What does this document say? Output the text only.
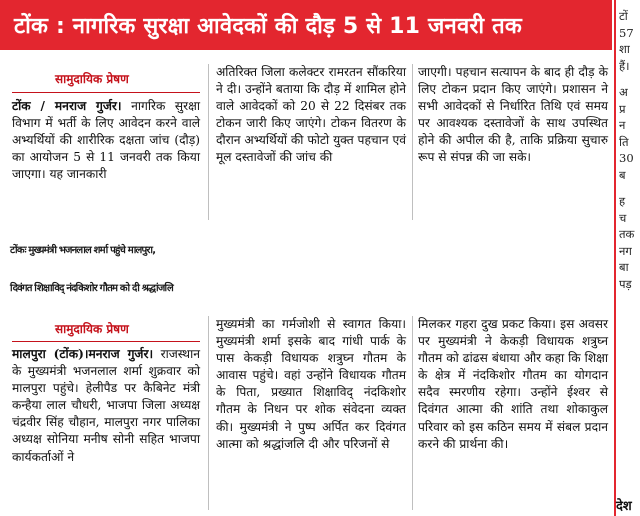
टोंक : नागरिक सुरक्षा आवेदकों की दौड़ 5 से 11 जनवरी तक
सामुदायिक प्रेषण

टोंक / मनराज गुर्जर। नागरिक सुरक्षा विभाग में भर्ती के लिए आवेदन करने वाले अभ्यर्थियों की शारीरिक दक्षता जांच (दौड़) का आयोजन 5 से 11 जनवरी तक किया जाएगा। यह जानकारी

अतिरिक्त जिला कलेक्टर रामरतन सौंकरिया ने दी। उन्होंने बताया कि दौड़ में शामिल होने वाले आवेदकों को 20 से 22 दिसंबर तक टोकन जारी किए जाएंगे। टोकन वितरण के दौरान अभ्यर्थियों की फोटो युक्त पहचान एवं मूल दस्तावेजों की जांच की

जाएगी। पहचान सत्यापन के बाद ही दौड़ के लिए टोकन प्रदान किए जाएंगे। प्रशासन ने सभी आवेदकों से निर्धारित तिथि एवं समय पर आवश्यक दस्तावेजों के साथ उपस्थित होने की अपील की है, ताकि प्रक्रिया सुचारु रूप से संपन्न की जा सके।

टोंकः मुख्यमंत्री भजनलाल शर्मा पहुंचे मालपुरा,
दिवंगत शिक्षाविद् नंदकिशोर गौतम को दी श्रद्धांजलि
सामुदायिक प्रेषण

मालपुरा (टोंक)।मनराज गुर्जर। राजस्थान के मुख्यमंत्री भजनलाल शर्मा शुक्रवार को मालपुरा पहुंचे। हेलीपैड पर कैबिनेट मंत्री कन्हैया लाल चौधरी, भाजपा जिला अध्यक्ष चंद्रवीर सिंह चौहान, मालपुरा नगर पालिका अध्यक्ष सोनिया मनीष सोनी सहित भाजपा कार्यकर्ताओं ने

मुख्यमंत्री का गर्मजोशी से स्वागत किया। मुख्यमंत्री शर्मा इसके बाद गांधी पार्क के पास केकड़ी विधायक शत्रुघ्न गौतम के आवास पहुंचे। वहां उन्होंने विधायक गौतम के पिता, प्रख्यात शिक्षाविद् नंदकिशोर गौतम के निधन पर शोक संवेदना व्यक्त की। मुख्यमंत्री ने पुष्प अर्पित कर दिवंगत आत्मा को श्रद्धांजलि दी और परिजनों से

मिलकर गहरा दुख प्रकट किया। इस अवसर पर मुख्यमंत्री ने केकड़ी विधायक शत्रुघ्न गौतम को ढांढस बंधाया और कहा कि शिक्षा के क्षेत्र में नंदकिशोर गौतम का योगदान सदैव स्मरणीय रहेगा। उन्होंने ईश्वर से दिवंगत आत्मा की शांति तथा शोकाकुल परिवार को इस कठिन समय में संबल प्रदान करने की प्रार्थना की।

टों
57
शा
हैं।
अ
प्र
न
ति
30
ब
ह
च
तक
नग
बा
पड़
देश
